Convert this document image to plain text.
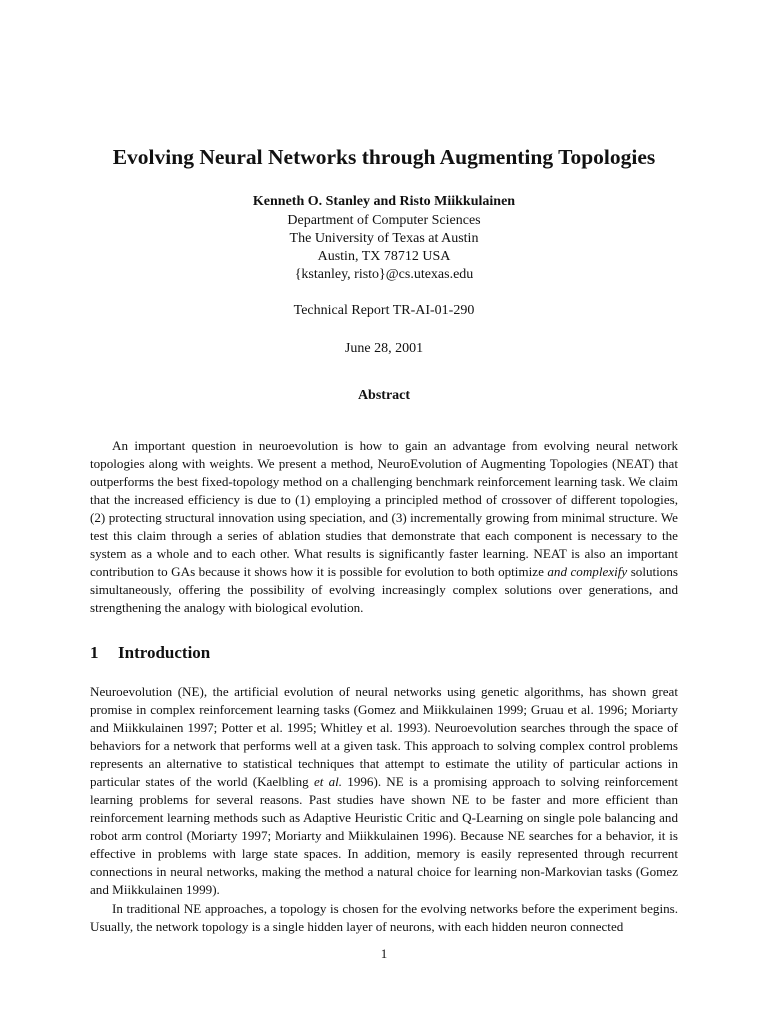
Evolving Neural Networks through Augmenting Topologies
Kenneth O. Stanley and Risto Miikkulainen
Department of Computer Sciences
The University of Texas at Austin
Austin, TX 78712 USA
{kstanley, risto}@cs.utexas.edu
Technical Report TR-AI-01-290
June 28, 2001
Abstract

An important question in neuroevolution is how to gain an advantage from evolving neural network topologies along with weights. We present a method, NeuroEvolution of Augmenting Topologies (NEAT) that outperforms the best fixed-topology method on a challenging benchmark reinforcement learning task. We claim that the increased efficiency is due to (1) employing a principled method of crossover of different topologies, (2) protecting structural innovation using speciation, and (3) incrementally growing from minimal structure. We test this claim through a series of ablation studies that demonstrate that each component is necessary to the system as a whole and to each other. What results is significantly faster learning. NEAT is also an important contribution to GAs because it shows how it is possible for evolution to both optimize and complexify solutions simultaneously, offering the possibility of evolving increasingly complex solutions over generations, and strengthening the analogy with biological evolution.

1 Introduction

Neuroevolution (NE), the artificial evolution of neural networks using genetic algorithms, has shown great promise in complex reinforcement learning tasks (Gomez and Miikkulainen 1999; Gruau et al. 1996; Moriarty and Miikkulainen 1997; Potter et al. 1995; Whitley et al. 1993). Neuroevolution searches through the space of behaviors for a network that performs well at a given task. This approach to solving complex control problems represents an alternative to statistical techniques that attempt to estimate the utility of particular actions in particular states of the world (Kaelbling et al. 1996). NE is a promising approach to solving reinforcement learning problems for several reasons. Past studies have shown NE to be faster and more efficient than reinforcement learning methods such as Adaptive Heuristic Critic and Q-Learning on single pole balancing and robot arm control (Moriarty 1997; Moriarty and Miikkulainen 1996). Because NE searches for a behavior, it is effective in problems with large state spaces. In addition, memory is easily represented through recurrent connections in neural networks, making the method a natural choice for learning non-Markovian tasks (Gomez and Miikkulainen 1999).

In traditional NE approaches, a topology is chosen for the evolving networks before the experiment begins. Usually, the network topology is a single hidden layer of neurons, with each hidden neuron connected

1
